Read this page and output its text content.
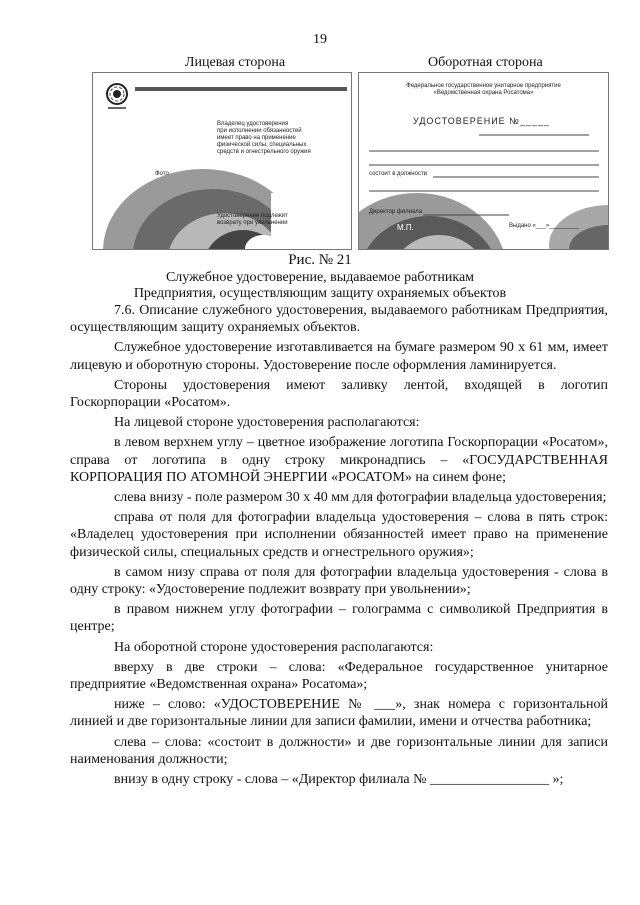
19
Лицевая сторона	Оборотная сторона
Владелец удостоверения
при исполнении обязанностей
имеет право на применение
физической силы, специальных
средств и огнестрельного оружия
Фото
Удостоверение подлежит
возврату при увольнении
Федеральное государственное унитарное предприятие
«Ведомственная охрана Росатома»
УДОСТОВЕРЕНИЕ №_____
состоит в должности
Директор филиала
М.П.	Выдано «___»_________
Рис. № 21
Служебное удостоверение, выдаваемое работникам
Предприятия, осуществляющим защиту охраняемых объектов

7.6. Описание служебного удостоверения, выдаваемого работникам Предприятия, осуществляющим защиту охраняемых объектов.

Служебное удостоверение изготавливается на бумаге размером 90 х 61 мм, имеет лицевую и оборотную стороны. Удостоверение после оформления ламинируется.

Стороны удостоверения имеют заливку лентой, входящей в логотип Госкорпорации «Росатом».

На лицевой стороне удостоверения располагаются:

в левом верхнем углу – цветное изображение логотипа Госкорпорации «Росатом», справа от логотипа в одну строку микронадпись – «ГОСУДАРСТВЕННАЯ КОРПОРАЦИЯ ПО АТОМНОЙ ЭНЕРГИИ «РОСАТОМ» на синем фоне;

слева внизу - поле размером 30 х 40 мм для фотографии владельца удостоверения;

справа от поля для фотографии владельца удостоверения – слова в пять строк: «Владелец удостоверения при исполнении обязанностей имеет право на применение физической силы, специальных средств и огнестрельного оружия»;

в самом низу справа от поля для фотографии владельца удостоверения - слова в одну строку: «Удостоверение подлежит возврату при увольнении»;

в правом нижнем углу фотографии – голограмма с символикой Предприятия в центре;

На оборотной стороне удостоверения располагаются:

вверху в две строки – слова: «Федеральное государственное унитарное предприятие «Ведомственная охрана» Росатома»;

ниже – слово: «УДОСТОВЕРЕНИЕ № ___», знак номера с горизонтальной линией и две горизонтальные линии для записи фамилии, имени и отчества работника;

слева – слова: «состоит в должности» и две горизонтальные линии для записи наименования должности;

внизу в одну строку - слова – «Директор филиала № _________________ »;
